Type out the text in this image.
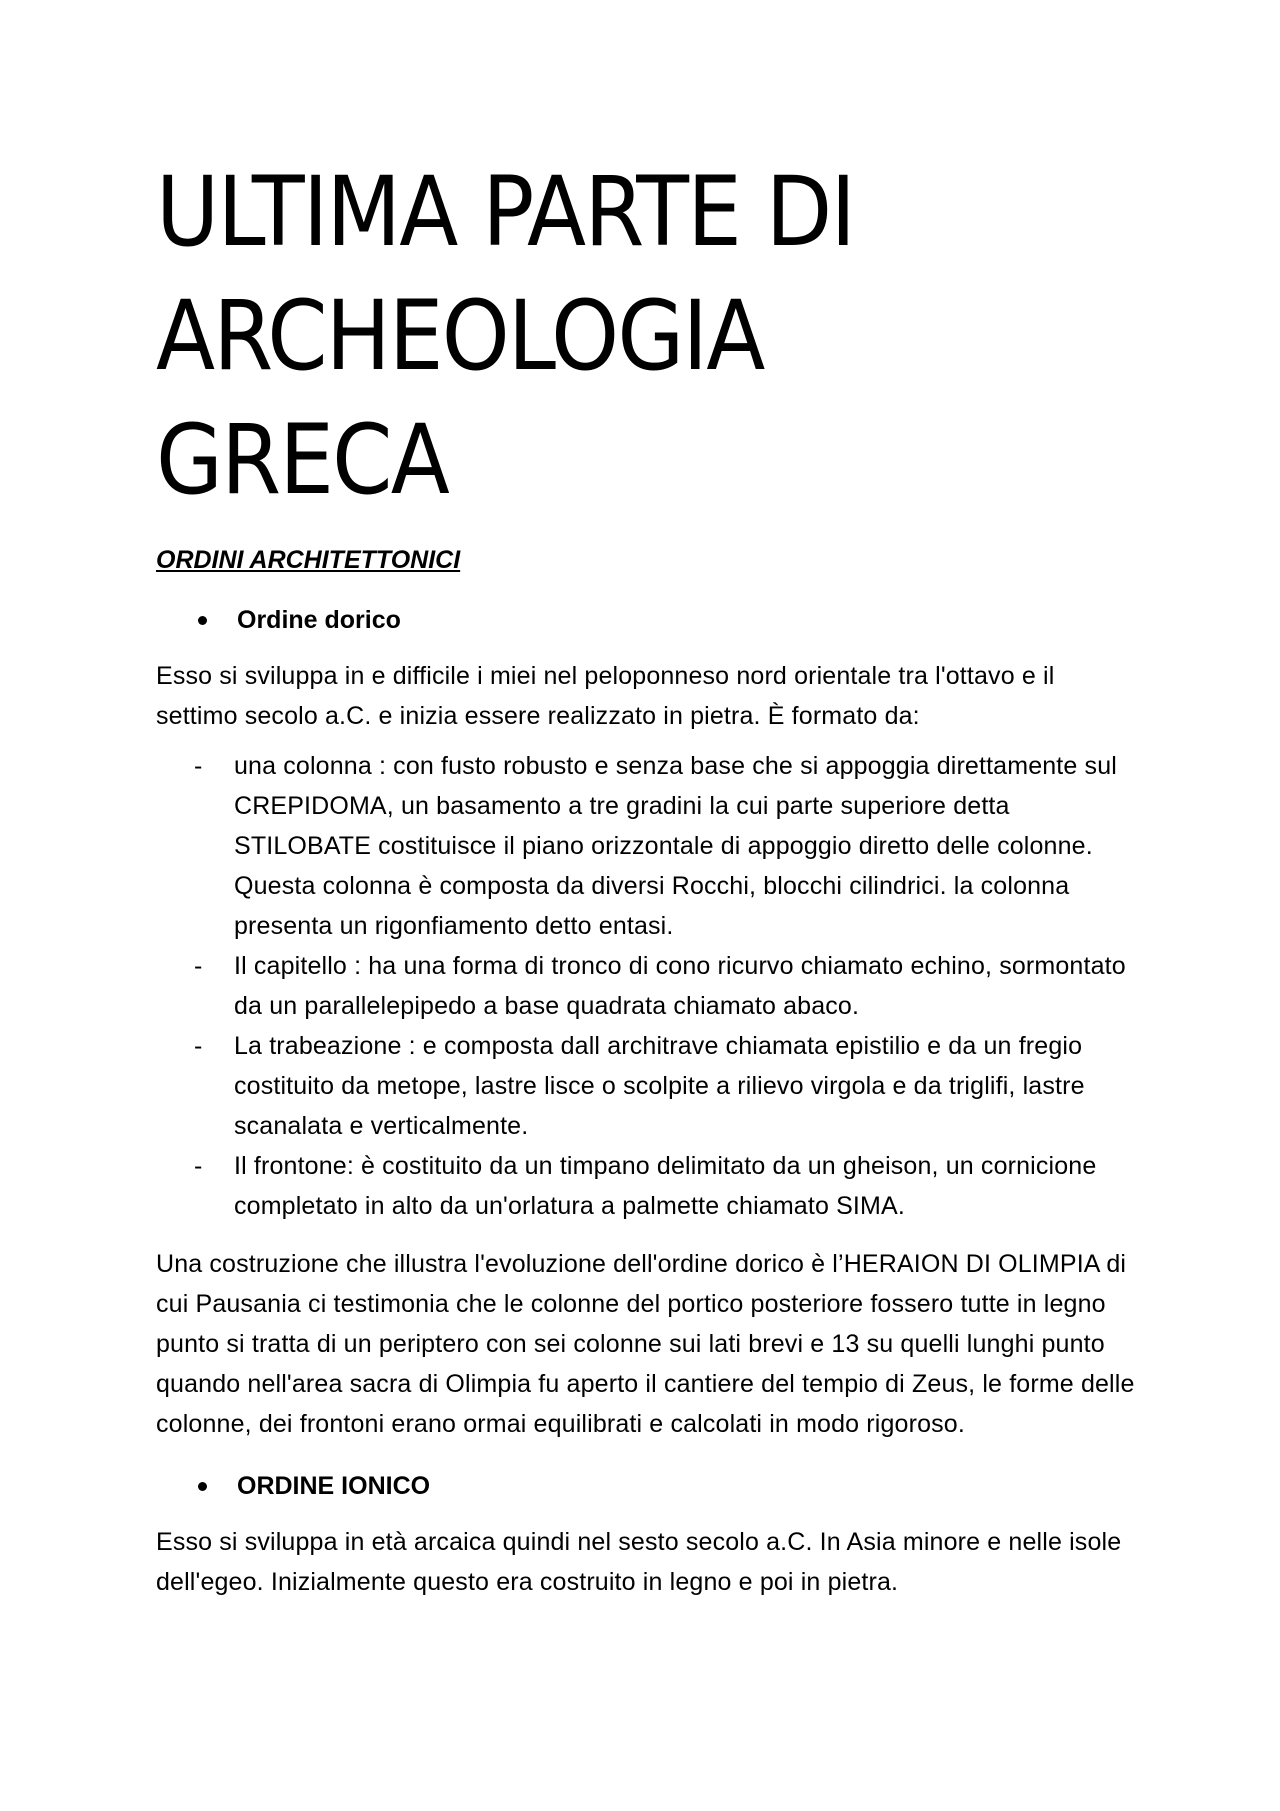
ULTIMA PARTE DI ARCHEOLOGIA GRECA
ORDINI ARCHITETTONICI
Ordine dorico

Esso si sviluppa in e difficile i miei nel peloponneso nord orientale tra l'ottavo e il settimo secolo a.C. e inizia essere realizzato in pietra. È formato da:

- una colonna : con fusto robusto e senza base che si appoggia direttamente sul CREPIDOMA, un basamento a tre gradini la cui parte superiore detta STILOBATE costituisce il piano orizzontale di appoggio diretto delle colonne. Questa colonna è composta da diversi Rocchi, blocchi cilindrici. la colonna presenta un rigonfiamento detto entasi.
- Il capitello : ha una forma di tronco di cono ricurvo chiamato echino, sormontato da un parallelepipedo a base quadrata chiamato abaco.
- La trabeazione : e composta dall architrave chiamata epistilio e da un fregio costituito da metope, lastre lisce o scolpite a rilievo virgola e da triglifi, lastre scanalata e verticalmente.
- Il frontone: è costituito da un timpano delimitato da un gheison, un cornicione completato in alto da un'orlatura a palmette chiamato SIMA.

Una costruzione che illustra l'evoluzione dell'ordine dorico è l’HERAION DI OLIMPIA di cui Pausania ci testimonia che le colonne del portico posteriore fossero tutte in legno punto si tratta di un periptero con sei colonne sui lati brevi e 13 su quelli lunghi punto quando nell'area sacra di Olimpia fu aperto il cantiere del tempio di Zeus, le forme delle colonne, dei frontoni erano ormai equilibrati e calcolati in modo rigoroso.

ORDINE IONICO

Esso si sviluppa in età arcaica quindi nel sesto secolo a.C. In Asia minore e nelle isole dell'egeo. Inizialmente questo era costruito in legno e poi in pietra.
